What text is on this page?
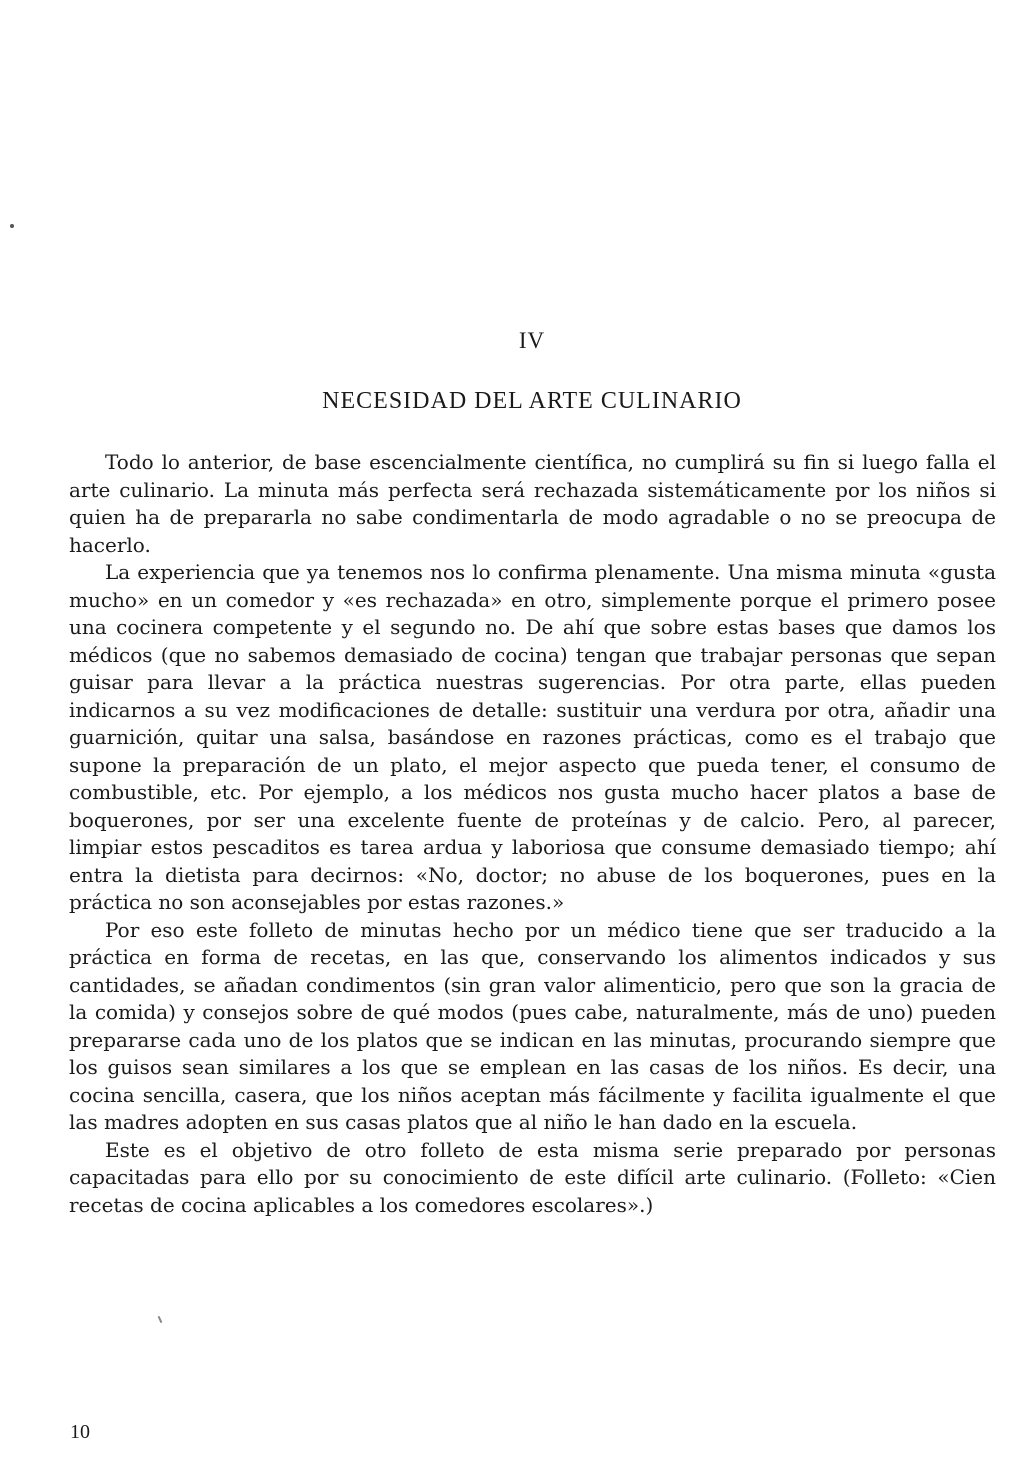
IV
NECESIDAD DEL ARTE CULINARIO

Todo lo anterior, de base escencialmente científica, no cumplirá su fin si luego falla el arte culinario. La minuta más perfecta será rechazada sistemáticamente por los niños si quien ha de prepararla no sabe condimentarla de modo agradable o no se preocupa de hacerlo.

La experiencia que ya tenemos nos lo confirma plenamente. Una misma minuta «gusta mucho» en un comedor y «es rechazada» en otro, simplemente porque el primero posee una cocinera competente y el segundo no. De ahí que sobre estas bases que damos los médicos (que no sabemos demasiado de cocina) tengan que trabajar personas que sepan guisar para llevar a la práctica nuestras sugerencias. Por otra parte, ellas pueden indicarnos a su vez modificaciones de detalle: sustituir una verdura por otra, añadir una guarnición, quitar una salsa, basándose en razones prácticas, como es el trabajo que supone la preparación de un plato, el mejor aspecto que pueda tener, el consumo de combustible, etc. Por ejemplo, a los médicos nos gusta mucho hacer platos a base de boquerones, por ser una excelente fuente de proteínas y de calcio. Pero, al parecer, limpiar estos pescaditos es tarea ardua y laboriosa que consume demasiado tiempo; ahí entra la dietista para decirnos: «No, doctor; no abuse de los boquerones, pues en la práctica no son aconsejables por estas razones.»

Por eso este folleto de minutas hecho por un médico tiene que ser traducido a la práctica en forma de recetas, en las que, conservando los alimentos indicados y sus cantidades, se añadan condimentos (sin gran valor alimenticio, pero que son la gracia de la comida) y consejos sobre de qué modos (pues cabe, naturalmente, más de uno) pueden prepararse cada uno de los platos que se indican en las minutas, procurando siempre que los guisos sean similares a los que se emplean en las casas de los niños. Es decir, una cocina sencilla, casera, que los niños aceptan más fácilmente y facilita igualmente el que las madres adopten en sus casas platos que al niño le han dado en la escuela.

Este es el objetivo de otro folleto de esta misma serie preparado por personas capacitadas para ello por su conocimiento de este difícil arte culinario. (Folleto: «Cien recetas de cocina aplicables a los comedores escolares».)

10
